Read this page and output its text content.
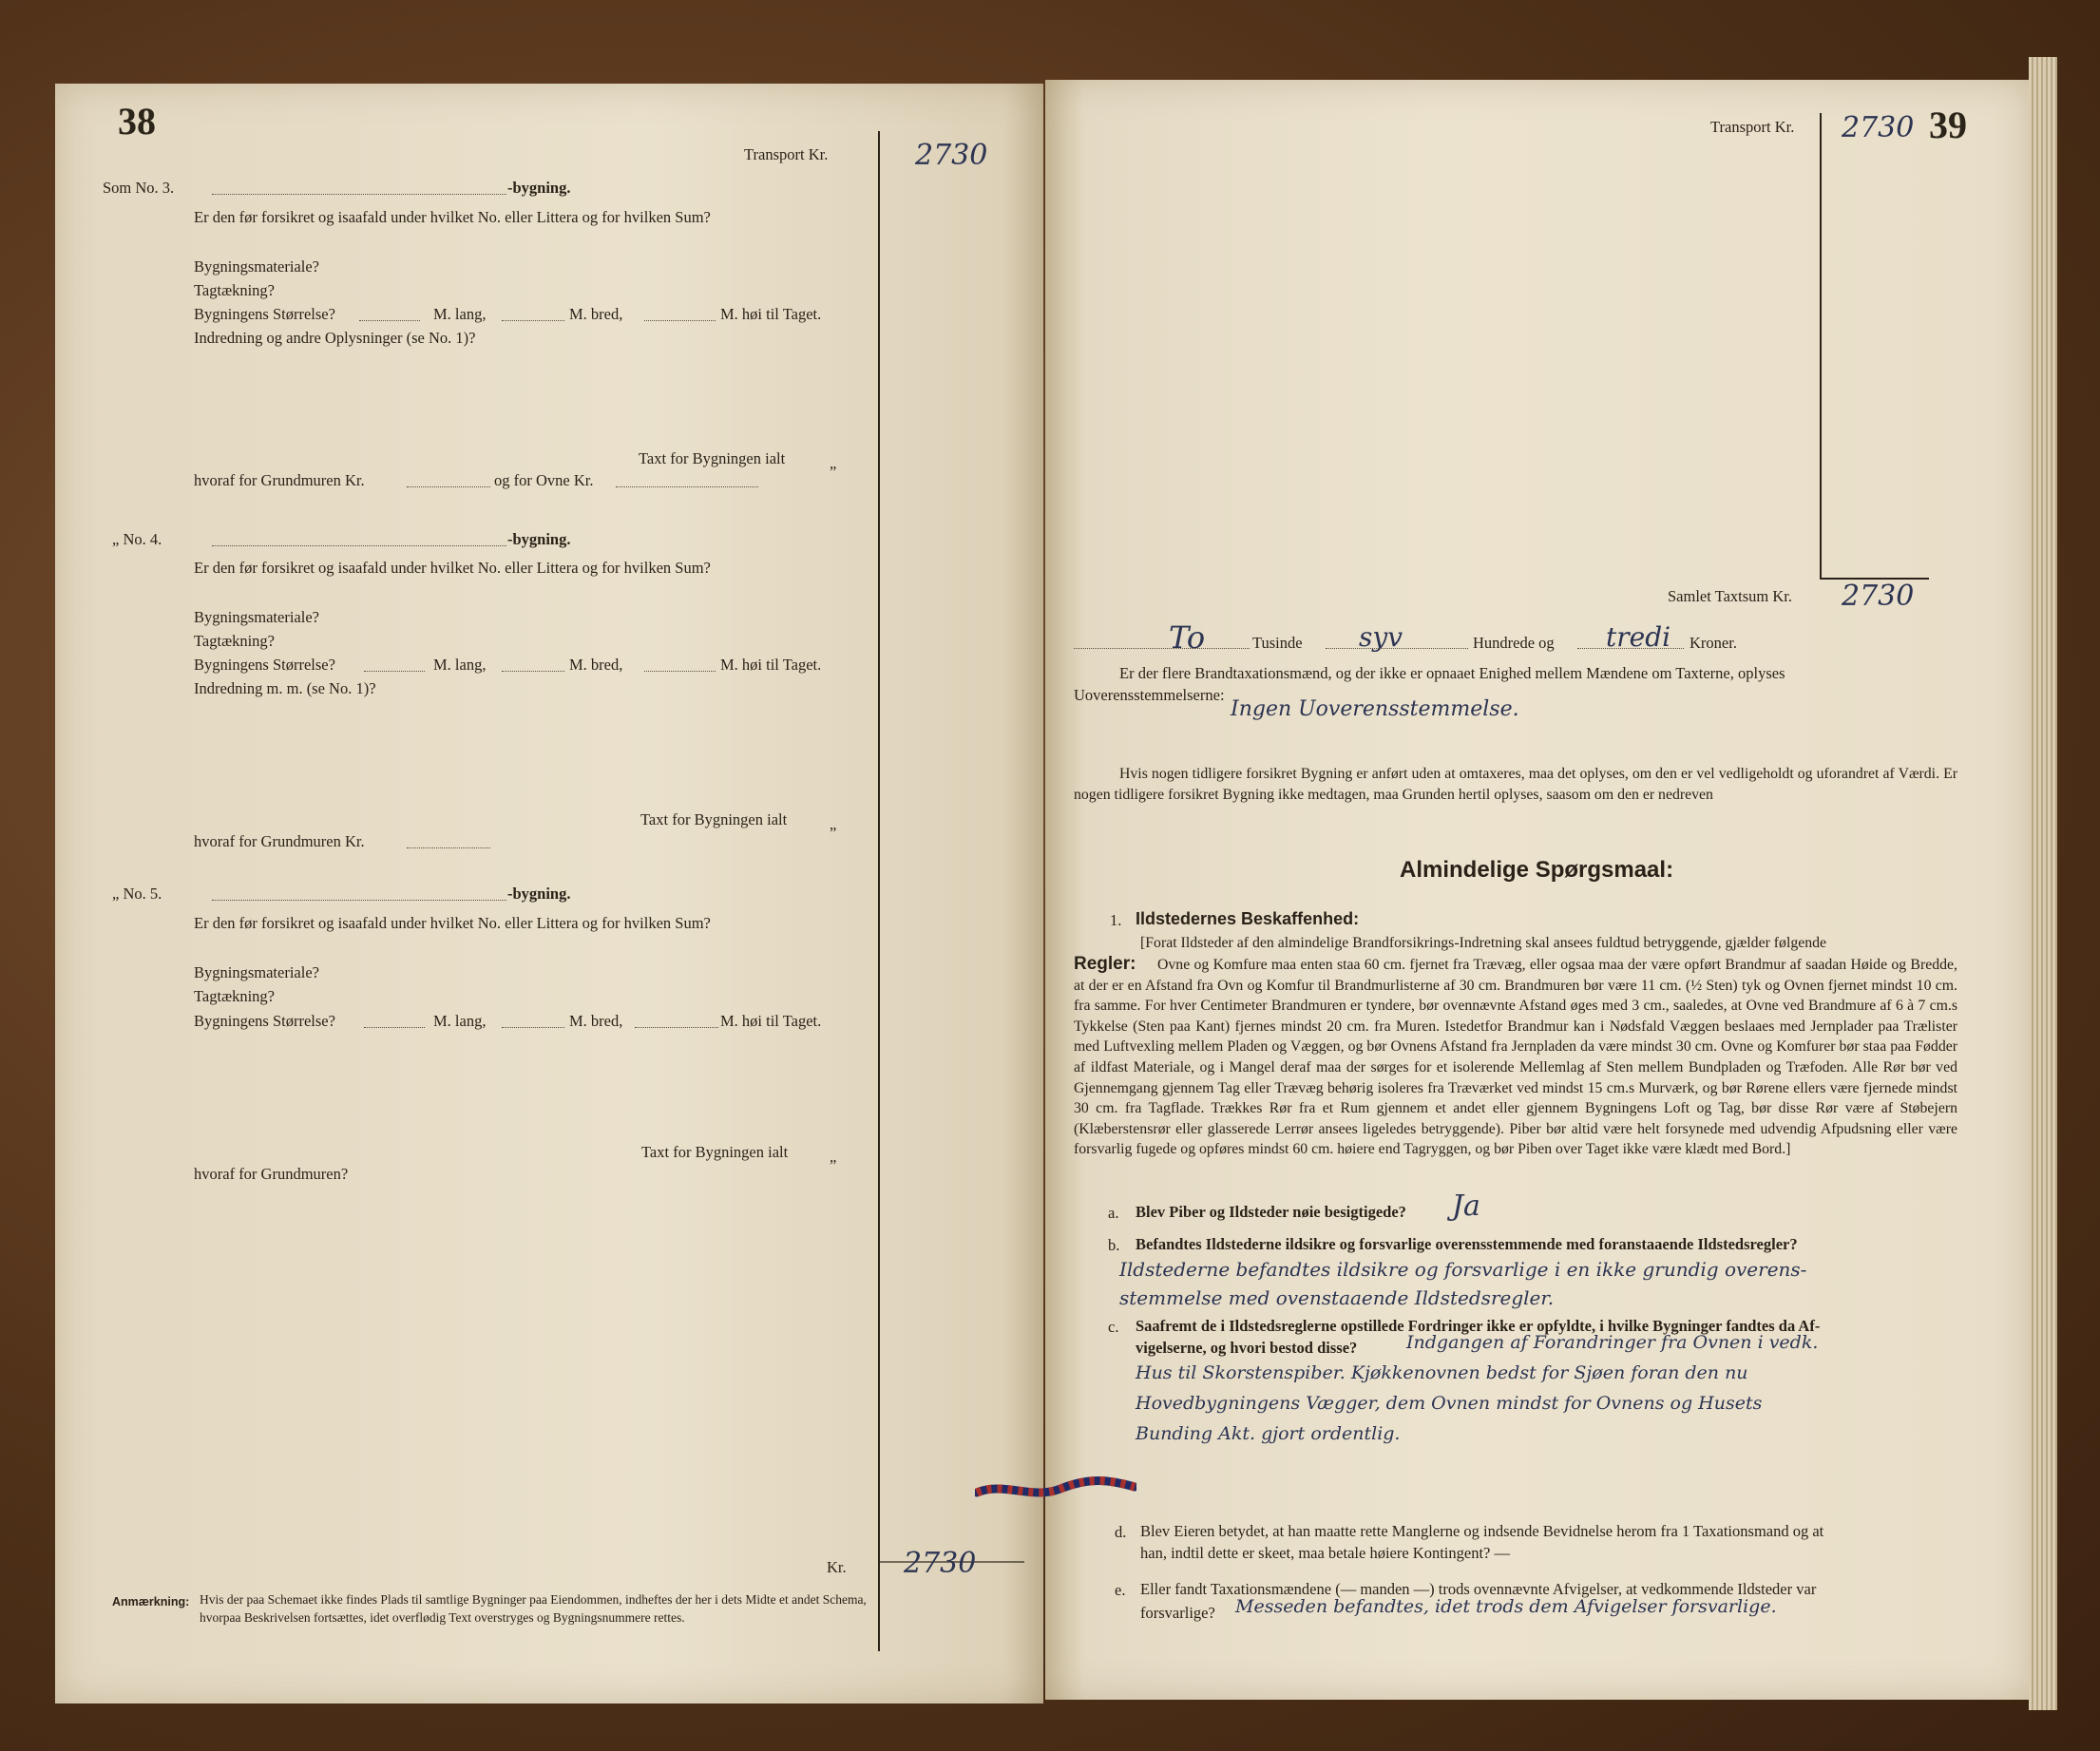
38
Transport Kr.	2730
Som No. 3.	-bygning.
Er den før forsikret og isaafald under hvilket No. eller Littera og for hvilken Sum?
Bygningsmateriale?
Tagtækning?
Bygningens Størrelse?	M. lang,	M. bred,	M. høi til Taget.
Indredning og andre Oplysninger (se No. 1)?
Taxt for Bygningen ialt	„
hvoraf for Grundmuren Kr.	og for Ovne Kr.
„ No. 4.	-bygning.
Er den før forsikret og isaafald under hvilket No. eller Littera og for hvilken Sum?
Bygningsmateriale?
Tagtækning?
Bygningens Størrelse?	M. lang,	M. bred,	M. høi til Taget.
Indredning m. m. (se No. 1)?
Taxt for Bygningen ialt	„
hvoraf for Grundmuren Kr.
„ No. 5.	-bygning.
Er den før forsikret og isaafald under hvilket No. eller Littera og for hvilken Sum?
Bygningsmateriale?
Tagtækning?
Bygningens Størrelse?	M. lang,	M. bred,	M. høi til Taget.
Taxt for Bygningen ialt	„
hvoraf for Grundmuren?
Kr. 2730
Anmærkning: Hvis der paa Schemaet ikke findes Plads til samtlige Bygninger paa Eiendommen, indheftes der her i dets Midte et andet Schema,
hvorpaa Beskrivelsen fortsættes, idet overflødig Text overstryges og Bygningsnummere rettes.
Transport Kr. 2730 39
Samlet Taxtsum Kr. 2730
To	Tusinde syv	Hundrede og tredi Kroner.
Er der flere Brandtaxationsmænd, og der ikke er opnaaet Enighed mellem Mændene om Taxterne, oplyses
Uoverensstemmelserne:
Ingen Uoverensstemmelse.
Hvis nogen tidligere forsikret Bygning er anført uden at omtaxeres, maa det oplyses, om den er vel vedligeholdt og uforandret af Værdi. Er nogen tidligere forsikret Bygning ikke medtagen, maa Grunden hertil oplyses, saasom om den er nedreven
Almindelige Spørgsmaal:
1. Ildstedernes Beskaffenhed:
[Forat Ildsteder af den almindelige Brandforsikrings-Indretning skal ansees fuldtud betryggende, gjælder følgende
Regler:	Ovne og Komfure maa enten staa 60 cm. fjernet fra Trævæg, eller ogsaa maa der være opført Brandmur af saadan Høide og Bredde, at der er en Afstand fra Ovn og Komfur til Brandmurlisterne af 30 cm. Brandmuren bør være 11 cm. (½ Sten) tyk og Ovnen fjernet mindst 10 cm. fra samme. For hver Centimeter Brandmuren er tyndere, bør ovennævnte Afstand øges med 3 cm., saaledes, at Ovne ved Brandmure af 6 à 7 cm.s Tykkelse (Sten paa Kant) fjernes mindst 20 cm. fra Muren. Istedetfor Brandmur kan i Nødsfald Væggen beslaaes med Jernplader paa Trælister med Luftvexling mellem Pladen og Væggen, og bør Ovnens Afstand fra Jernpladen da være mindst 30 cm. Ovne og Komfurer bør staa paa Fødder af ildfast Materiale, og i Mangel deraf maa der sørges for et isolerende Mellemlag af Sten mellem Bundpladen og Træfoden. Alle Rør bør ved Gjennemgang gjennem Tag eller Trævæg behørig isoleres fra Træværket ved mindst 15 cm.s Murværk, og bør Rørene ellers være fjernede mindst 30 cm. fra Tagflade. Trækkes Rør fra et Rum gjennem et andet eller gjennem Bygningens Loft og Tag, bør disse Rør være af Støbejern (Klæberstensrør eller glasserede Lerrør ansees ligeledes betryggende). Piber bør altid være helt forsynede med udvendig Afpudsning eller være forsvarlig fugede og opføres mindst 60 cm. høiere end Tagryggen, og bør Piben over Taget ikke være klædt med Bord.]
a. Blev Piber og Ildsteder nøie besigtigede? Ja
b. Befandtes Ildstederne ildsikre og forsvarlige overensstemmende med foranstaaende Ildstedsregler?
Ildstederne befandtes ildsikre og forsvarlige i en ikke grundig overens-
stemmelse med ovenstaaende Ildstedsregler.
c. Saafremt de i Ildstedsreglerne opstillede Fordringer ikke er opfyldte, i hvilke Bygninger fandtes da Af-
vigelserne, og hvori bestod disse?	Indgangen af Forandringer fra Ovnen i vedk.
Hus til Skorstenspiber. Kjøkkenovnen bedst for Sjøen foran den nu
Hovedbygningens Vægger, dem Ovnen mindst for Ovnens og Husets
Bunding Akt. gjort ordentlig.
d. Blev Eieren betydet, at han maatte rette Manglerne og indsende Bevidnelse herom fra 1 Taxationsmand og at
han, indtil dette er skeet, maa betale høiere Kontingent? —
e. Eller fandt Taxationsmændene (— manden —) trods ovennævnte Afvigelser, at vedkommende Ildsteder var
forsvarlige? Messeden befandtes, idet trods dem Afvigelser forsvarlige.
